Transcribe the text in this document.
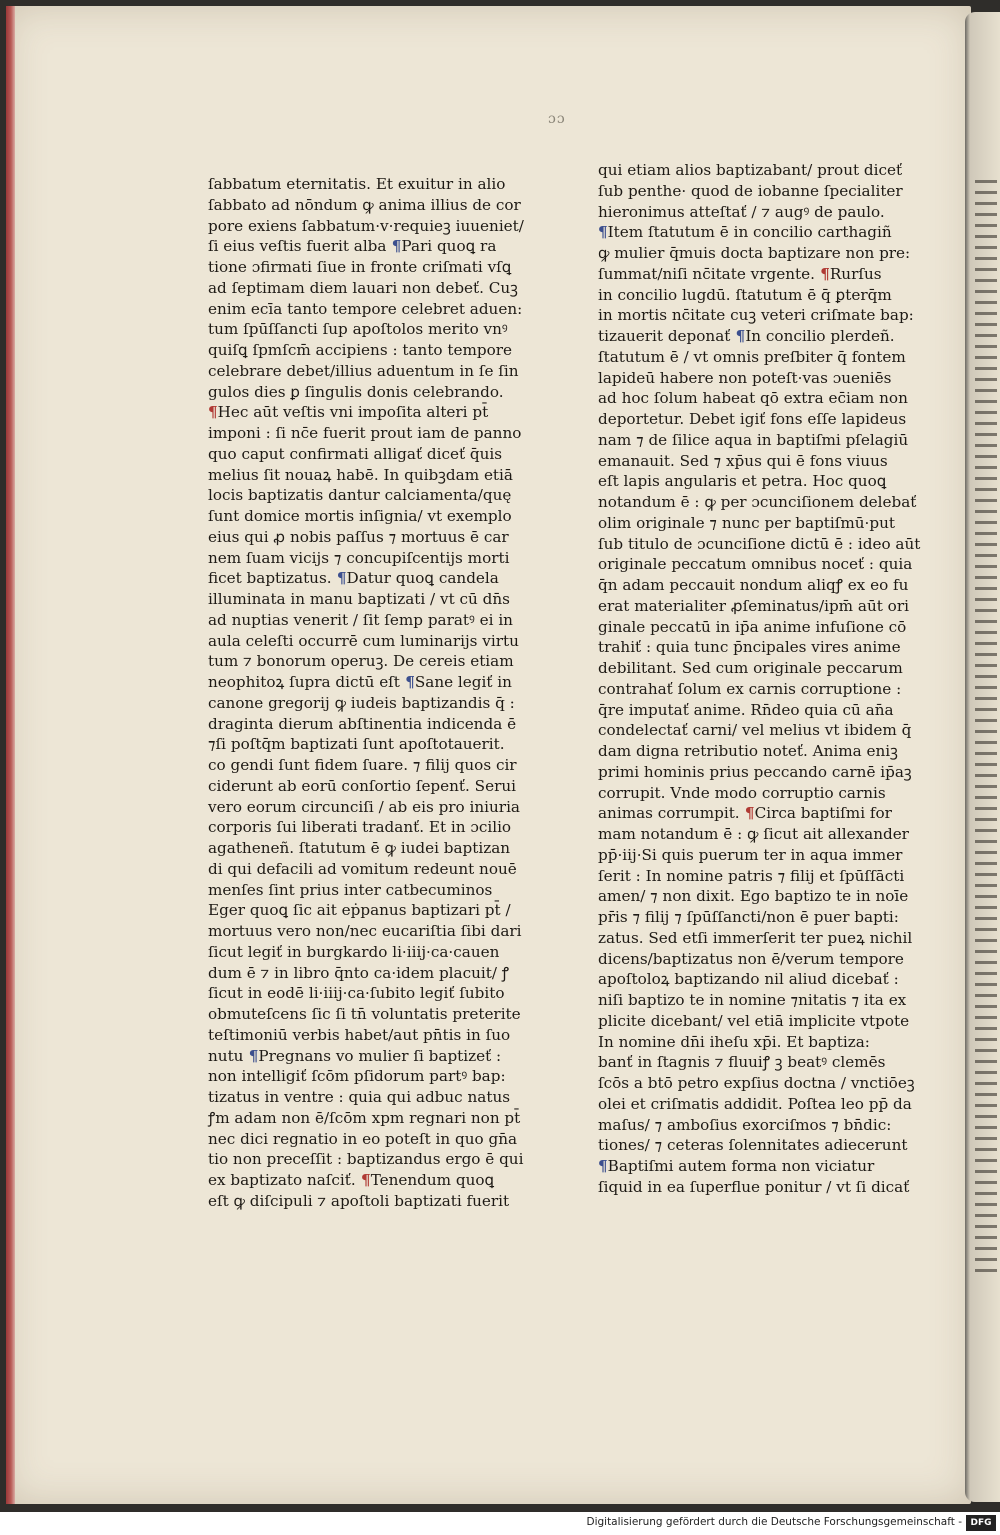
ɔɔ
ſabbatum eternitatis. Et exuitur in alio
ſabbato ad nōndum ꝙ anima illius de cor
pore exiens ſabbatum·v·requieꝫ iuueniet/
ſi eius veſtis fuerit alba ¶Pari quoꝗ ra
tione ɔfirmati ſiue in fronte criſmati vſꝗ
ad ſeptimam diem lauari non debeť. Cuꝫ
enim ecīa tanto tempore celebret aduen:
tum ſpūſſancti ſup apoſtolos merito vnꝰ
quiſꝗ ſpmſcm̄ accipiens : tanto tempore
celebrare debet/illius aduentum in ſe ſin
gulos dies ꝑ ſingulis donis celebrando.
¶Hec aūt veſtis vni impoſita alteri pt̄
imponi : ſi nc̄e fuerit prout iam de panno
quo caput confirmati alligať diceť q̄uis
melius ſit nouaꝝ habē. In quibꝫdam etiā
locis baptizatis dantur calciamenta/quę
ſunt domice mortis inſignia/ vt exemplo
eius qui ꝓ nobis paſſus ⁊ mortuus ē car
nem ſuam vicijs ⁊ concupiſcentijs morti
ficet baptizatus. ¶Datur quoꝗ candela
illuminata in manu baptizati / vt cū dn̄s
ad nuptias venerit / ſit ſemp paratꝰ ei in
aula celeſti occurrē cum luminarijs virtu
tum ⁊ bonorum operuꝫ. De cereis etiam
neophitoꝝ ſupra dictū eſt ¶Sane legiť in
canone gregorij ꝙ iudeis baptizandis q̄ :
draginta dierum abſtinentia indicenda ē
⁊ſi poſtq̄m baptizati ſunt apoſtotauerit.
co gendi ſunt fidem ſuare. ⁊ filij quos cir
ciderunt ab eorū conſortio ſepenť. Serui
vero eorum circunciſi / ab eis pro iniuria
corporis ſui liberati tradanť. Et in ɔcilio
agatheneñ. ſtatutum ē ꝙ iudei baptizan
di qui defacili ad vomitum redeunt nouē
menſes ſint prius inter catbecuminos
Eger quoꝗ ſic ait eṗpanus baptizari pt̄ /
mortuus vero non/nec eucariſtia ſibi dari
ſicut legiť in burgkardo li·iiij·ca·cauen
dum ē ⁊ in libro q̄nto ca·idem placuit/ ꝭ
ſicut in eodē li·iiij·ca·ſubito legiť ſubito
obmuteſcens ſic ſi tn̄ voluntatis preterite
teſtimoniū verbis habet/aut pn̄tis in ſuo
nutu ¶Pregnans vo mulier ſi baptizeť :
non intelligiť ſcōm pſidorum partꝰ bap:
tizatus in ventre : quia qui adbuc natus
ꝭm adam non ē/ſcōm xpm regnari non pt̄
nec dici regnatio in eo poteſt in quo gn̄a
tio non preceſſit : baptizandus ergo ē qui
ex baptizato naſciť. ¶Tenendum quoꝗ
eſt ꝙ diſcipuli ⁊ apoſtoli baptizati fuerit
qui etiam alios baptizabant/ prout diceť
ſub penthe· quod de iobanne ſpecialiter
hieronimus atteſtať / ⁊ augꝰ de paulo.
¶Item ſtatutum ē in concilio carthagiñ
ꝙ mulier q̄muis docta baptizare non pre:
ſummat/niſi nc̄itate vrgente. ¶Rurſus
in concilio lugdū. ſtatutum ē q̄ ꝑterq̄m
in mortis nc̄itate cuꝫ veteri criſmate bap:
tizauerit deponať ¶In concilio plerdeñ.
ſtatutum ē / vt omnis preſbiter q̄ fontem
lapideū habere non poteſt·vas ɔueniēs
ad hoc ſolum habeat qō extra ec̄iam non
deportetur. Debet igiť fons eſſe lapideus
nam ⁊ de ſilice aqua in baptiſmi pſelagiū
emanauit. Sed ⁊ xp̄us qui ē fons viuus
eſt lapis angularis et petra. Hoc quoꝗ
notandum ē : ꝙ per ɔcunciſionem delebať
olim originale ⁊ nunc per baptiſmū·put
ſub titulo de ɔcunciſione dictū ē : ideo aūt
originale peccatum omnibus noceť : quia
q̄n adam peccauit nondum aliqꝭ ex eo fu
erat materialiter ꝓſeminatus/ipm̄ aūt ori
ginale peccatū in ip̄a anime infuſione cō
trahiť : quia tunc p̄ncipales vires anime
debilitant. Sed cum originale peccarum
contrahať ſolum ex carnis corruptione :
q̄re imputať anime. Rn̄deo quia cū an̄a
condelectať carni/ vel melius vt ibidem q̄
dam digna retributio noteť. Anima eniꝫ
primi hominis prius peccando carnē ip̄aꝫ
corrupit. Vnde modo corruptio carnis
animas corrumpit. ¶Circa baptiſmi for
mam notandum ē : ꝙ ſicut ait allexander
pp̄·iij·Si quis puerum ter in aqua immer
ſerit : In nomine patris ⁊ filij et ſpūſſācti
amen/ ⁊ non dixit. Ego baptizo te in noīe
pr̄is ⁊ filij ⁊ ſpūſſancti/non ē puer bapti:
zatus. Sed etſi immerſerit ter pueꝝ nichil
dicens/baptizatus non ē/verum tempore
apoſtoloꝝ baptizando nil aliud dicebať :
niſi baptizo te in nomine ⁊nitatis ⁊ ita ex
plicite dicebant/ vel etiā implicite vtpote
In nomine dn̄i iheſu xp̄i. Et baptiza:
banť in ſtagnis ⁊ fluuiꝭ ꝫ beatꝰ clemēs
ſcōs a btō petro expſius doctna / vnctiōeꝫ
olei et criſmatis addidit. Poſtea leo pp̄ da
maſus/ ⁊ amboſius exorciſmos ⁊ bn̄dic:
tiones/ ⁊ ceteras ſolennitates adiecerunt
¶Baptiſmi autem forma non viciatur
ſiquid in ea ſuperflue ponitur / vt ſi dicať
Digitalisierung gefördert durch die Deutsche Forschungsgemeinschaft - DFG
